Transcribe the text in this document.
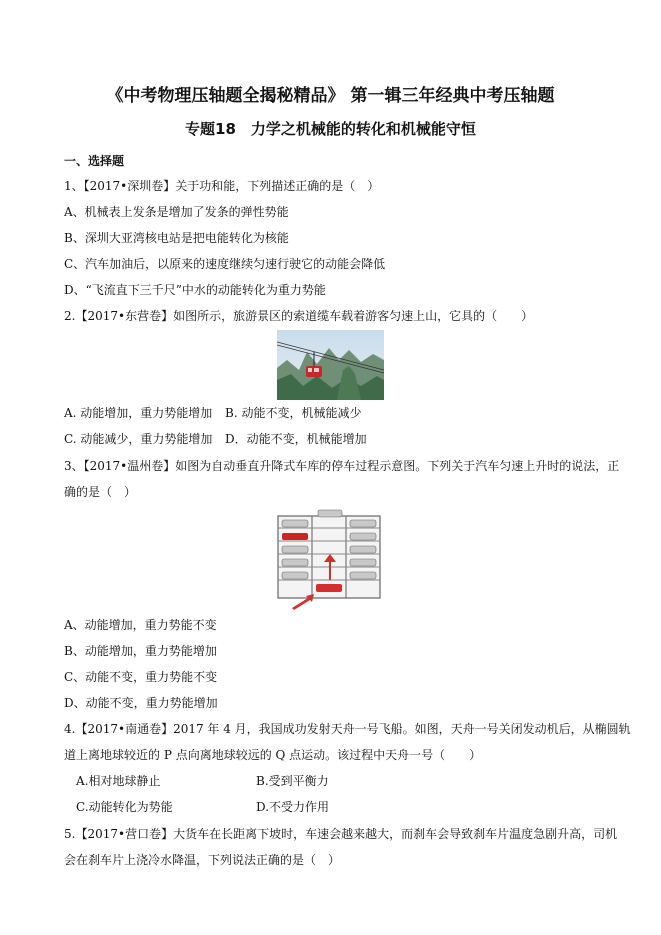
《中考物理压轴题全揭秘精品》 第一辑三年经典中考压轴题
专题18　力学之机械能的转化和机械能守恒
一、选择题
1、【2017•深圳卷】关于功和能，下列描述正确的是（　）
A、机械表上发条是增加了发条的弹性势能
B、深圳大亚湾核电站是把电能转化为核能
C、汽车加油后，以原来的速度继续匀速行驶它的动能会降低
D、“飞流直下三千尺”中水的动能转化为重力势能
2.【2017•东营卷】如图所示，旅游景区的索道缆车载着游客匀速上山，它具的（　　）
A. 动能增加，重力势能增加 B. 动能不变，机械能减少
C. 动能减少，重力势能增加 D．动能不变，机械能增加
3、【2017•温州卷】如图为自动垂直升降式车库的停车过程示意图。下列关于汽车匀速上升时的说法，正
确的是（　）
A、动能增加，重力势能不变
B、动能增加，重力势能增加
C、动能不变，重力势能不变
D、动能不变，重力势能增加
4.【2017•南通卷】2017 年 4 月，我国成功发射天舟一号飞船。如图，天舟一号关闭发动机后，从椭圆轨
道上离地球较近的 P 点向离地球较远的 Q 点运动。该过程中天舟一号（　　）
A.相对地球静止	B.受到平衡力
C.动能转化为势能	D.不受力作用
5.【2017•营口卷】大货车在长距离下坡时，车速会越来越大，而刹车会导致刹车片温度急剧升高，司机
会在刹车片上浇冷水降温，下列说法正确的是（　）
